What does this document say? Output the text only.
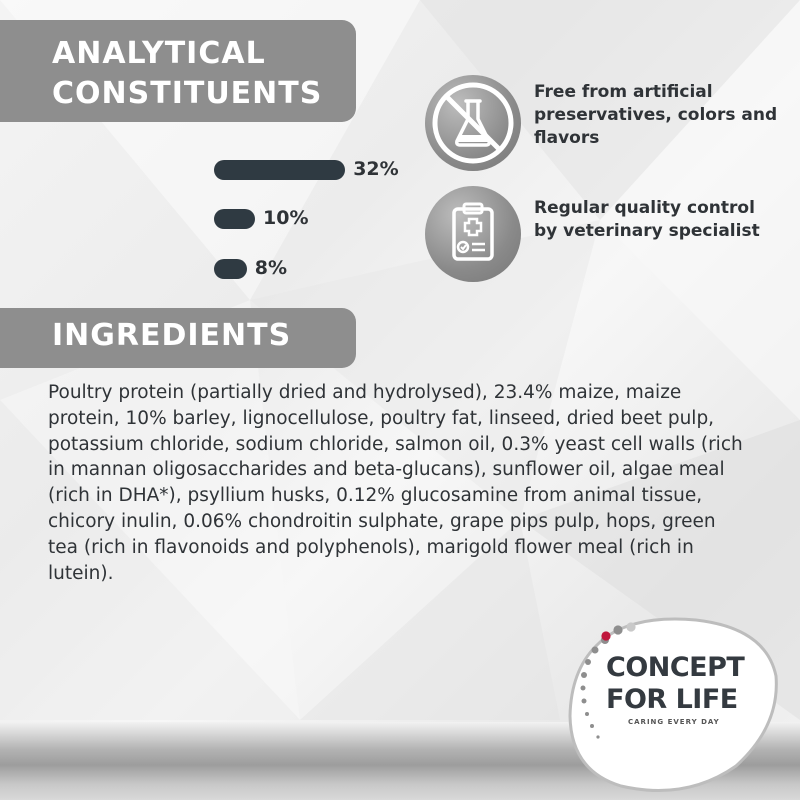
ANALYTICAL
CONSTITUENTS
32%
10%
8%
Free from artificial preservatives, colors and flavors
Regular quality control by veterinary specialist
INGREDIENTS
Poultry protein (partially dried and hydrolysed), 23.4% maize, maize protein, 10% barley, lignocellulose, poultry fat, linseed, dried beet pulp, potassium chloride, sodium chloride, salmon oil, 0.3% yeast cell walls (rich in mannan oligosaccharides and beta-glucans), sunflower oil, algae meal (rich in DHA*), psyllium husks, 0.12% glucosamine from animal tissue, chicory inulin, 0.06% chondroitin sulphate, grape pips pulp, hops, green tea (rich in flavonoids and polyphenols), marigold flower meal (rich in lutein).
CONCEPT
FOR LIFE
CARING EVERY DAY
